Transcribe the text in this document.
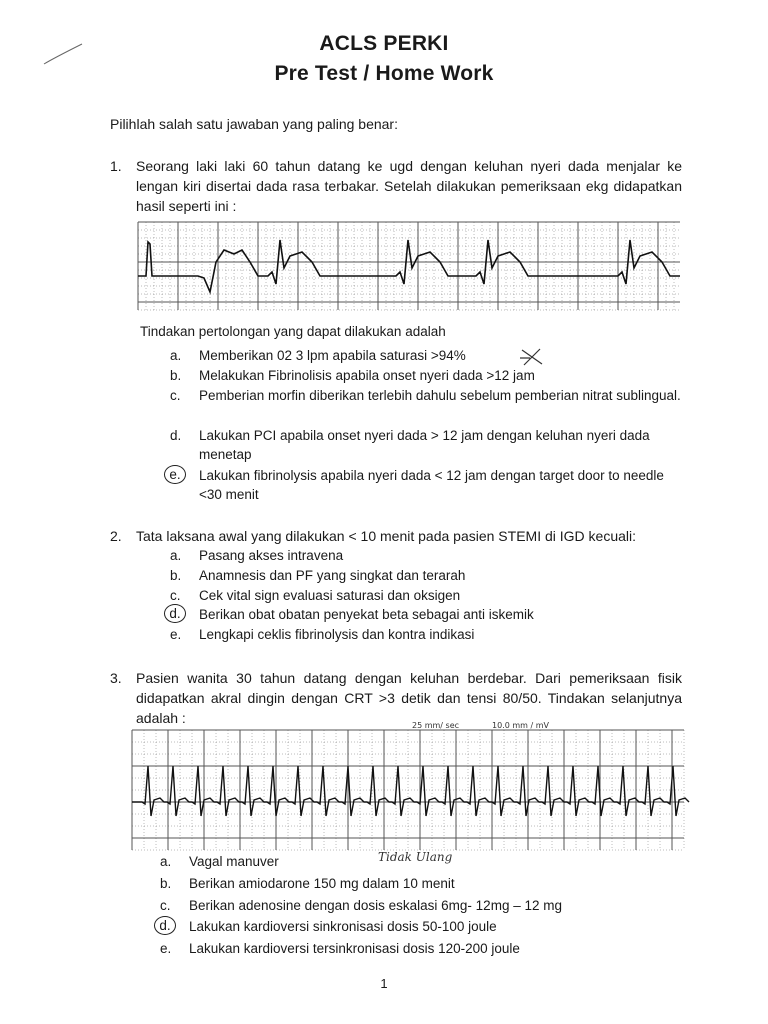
ACLS PERKI
Pre Test / Home Work
Pilihlah salah satu jawaban yang paling benar:
1. Seorang laki laki 60 tahun datang ke ugd dengan keluhan nyeri dada menjalar ke lengan kiri disertai dada rasa terbakar. Setelah dilakukan pemeriksaan ekg didapatkan hasil seperti ini :
Tindakan pertolongan yang dapat dilakukan adalah
a. Memberikan 02 3 lpm apabila saturasi >94%
b. Melakukan Fibrinolisis apabila onset nyeri dada >12 jam
c. Pemberian morfin diberikan terlebih dahulu sebelum pemberian nitrat sublingual.
d. Lakukan PCI apabila onset nyeri dada > 12 jam dengan keluhan nyeri dada menetap
e.	Lakukan fibrinolysis apabila nyeri dada < 12 jam dengan target door to needle <30 menit
2. Tata laksana awal yang dilakukan < 10 menit pada pasien STEMI di IGD kecuali:
a. Pasang akses intravena
b. Anamnesis dan PF yang singkat dan terarah
c. Cek vital sign evaluasi saturasi dan oksigen
d.	Berikan obat obatan penyekat beta sebagai anti iskemik
e. Lengkapi ceklis fibrinolysis dan kontra indikasi
3. Pasien wanita 30 tahun datang dengan keluhan berdebar. Dari pemeriksaan fisik didapatkan akral dingin dengan CRT >3 detik dan tensi 80/50. Tindakan selanjutnya adalah :	25 mm/ sec	10.0 mm / mV
a. Vagal manuver
b. Berikan amiodarone 150 mg dalam 10 menit
c. Berikan adenosine dengan dosis eskalasi 6mg- 12mg – 12 mg
d.	Lakukan kardioversi sinkronisasi dosis 50-100 joule
e. Lakukan kardioversi tersinkronisasi dosis 120-200 joule
Tidak Ulang
1
